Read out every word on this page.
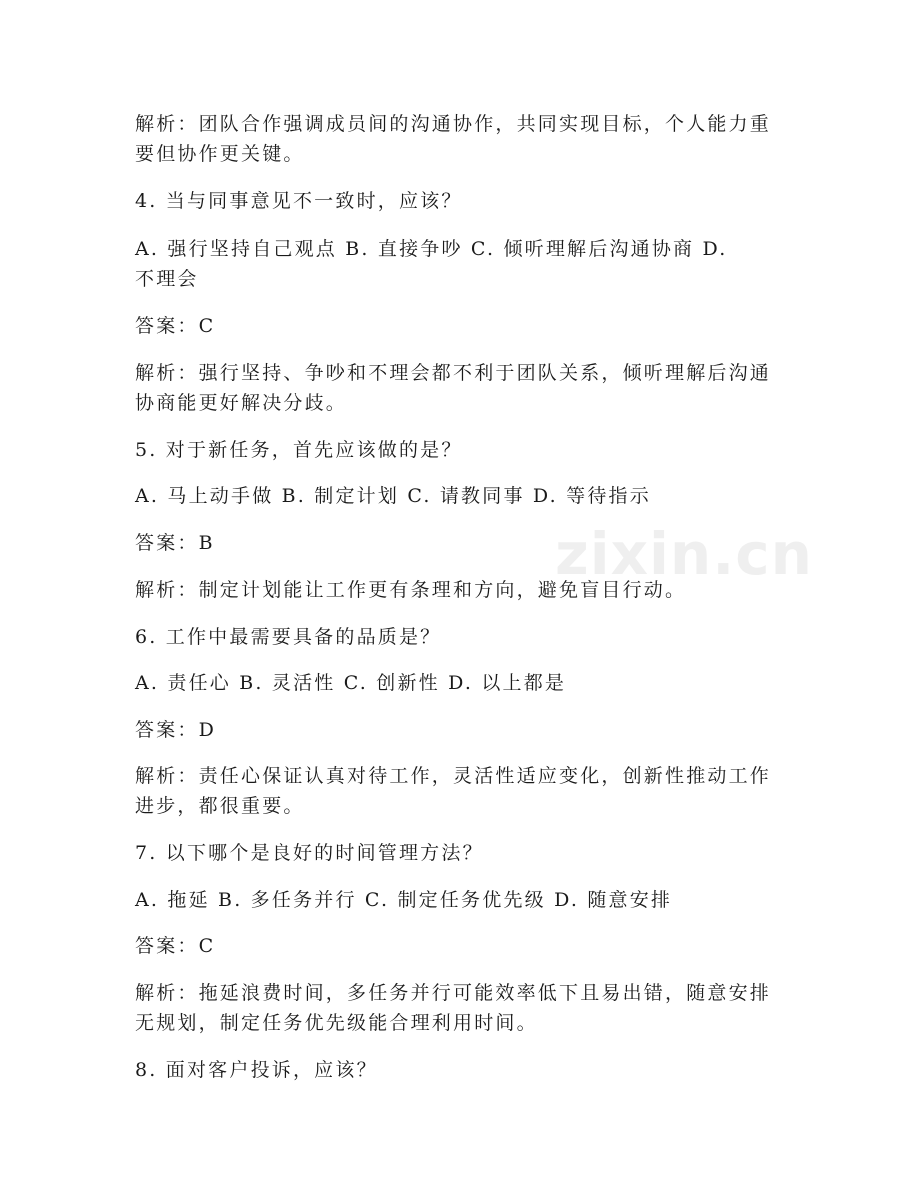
解析：团队合作强调成员间的沟通协作，共同实现目标，个人能力重
要但协作更关键。
4. 当与同事意见不一致时，应该？
A. 强行坚持自己观点 B. 直接争吵 C. 倾听理解后沟通协商 D.
不理会
答案：C
解析：强行坚持、争吵和不理会都不利于团队关系，倾听理解后沟通
协商能更好解决分歧。
5. 对于新任务，首先应该做的是？
A. 马上动手做 B. 制定计划 C. 请教同事 D. 等待指示
答案：B
解析：制定计划能让工作更有条理和方向，避免盲目行动。
6. 工作中最需要具备的品质是？
A. 责任心 B. 灵活性 C. 创新性 D. 以上都是
答案：D
解析：责任心保证认真对待工作，灵活性适应变化，创新性推动工作
进步，都很重要。
7. 以下哪个是良好的时间管理方法？
A. 拖延 B. 多任务并行 C. 制定任务优先级 D. 随意安排
答案：C
解析：拖延浪费时间，多任务并行可能效率低下且易出错，随意安排
无规划，制定任务优先级能合理利用时间。
8. 面对客户投诉，应该？
zixin.cn
